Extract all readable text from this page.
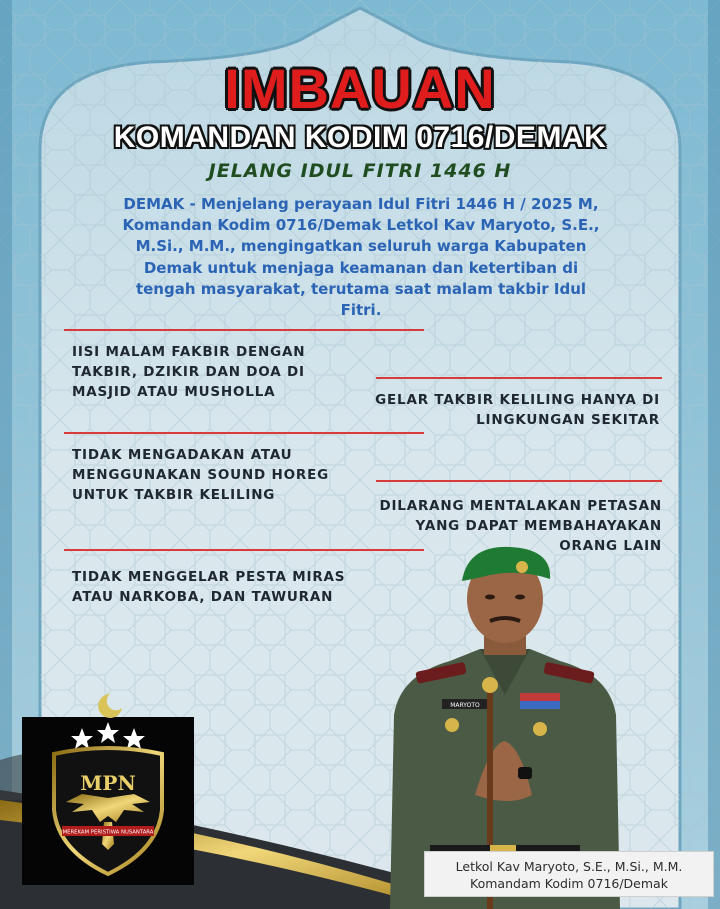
IMBAUAN
KOMANDAN KODIM 0716/DEMAK
JELANG IDUL FITRI 1446 H
DEMAK - Menjelang perayaan Idul Fitri 1446 H / 2025 M,
Komandan Kodim 0716/Demak Letkol Kav Maryoto, S.E.,
M.Si., M.M., mengingatkan seluruh warga Kabupaten
Demak untuk menjaga keamanan dan ketertiban di
tengah masyarakat, terutama saat malam takbir Idul
Fitri.
IISI MALAM FAKBIR DENGAN
TAKBIR, DZIKIR DAN DOA DI
MASJID ATAU MUSHOLLA	GELAR TAKBIR KELILING HANYA DI
LINGKUNGAN SEKITAR
TIDAK MENGADAKAN ATAU
MENGGUNAKAN SOUND HOREG
UNTUK TAKBIR KELILING
DILARANG MENTALAKAN PETASAN
YANG DAPAT MEMBAHAYAKAN
ORANG LAIN
TIDAK MENGGELAR PESTA MIRAS
ATAU NARKOBA, DAN TAWURAN
MPN
MEREKAM PERISTIWA NUSANTARA
MARYOTO
Letkol Kav Maryoto, S.E., M.Si., M.M.
Komandam Kodim 0716/Demak
